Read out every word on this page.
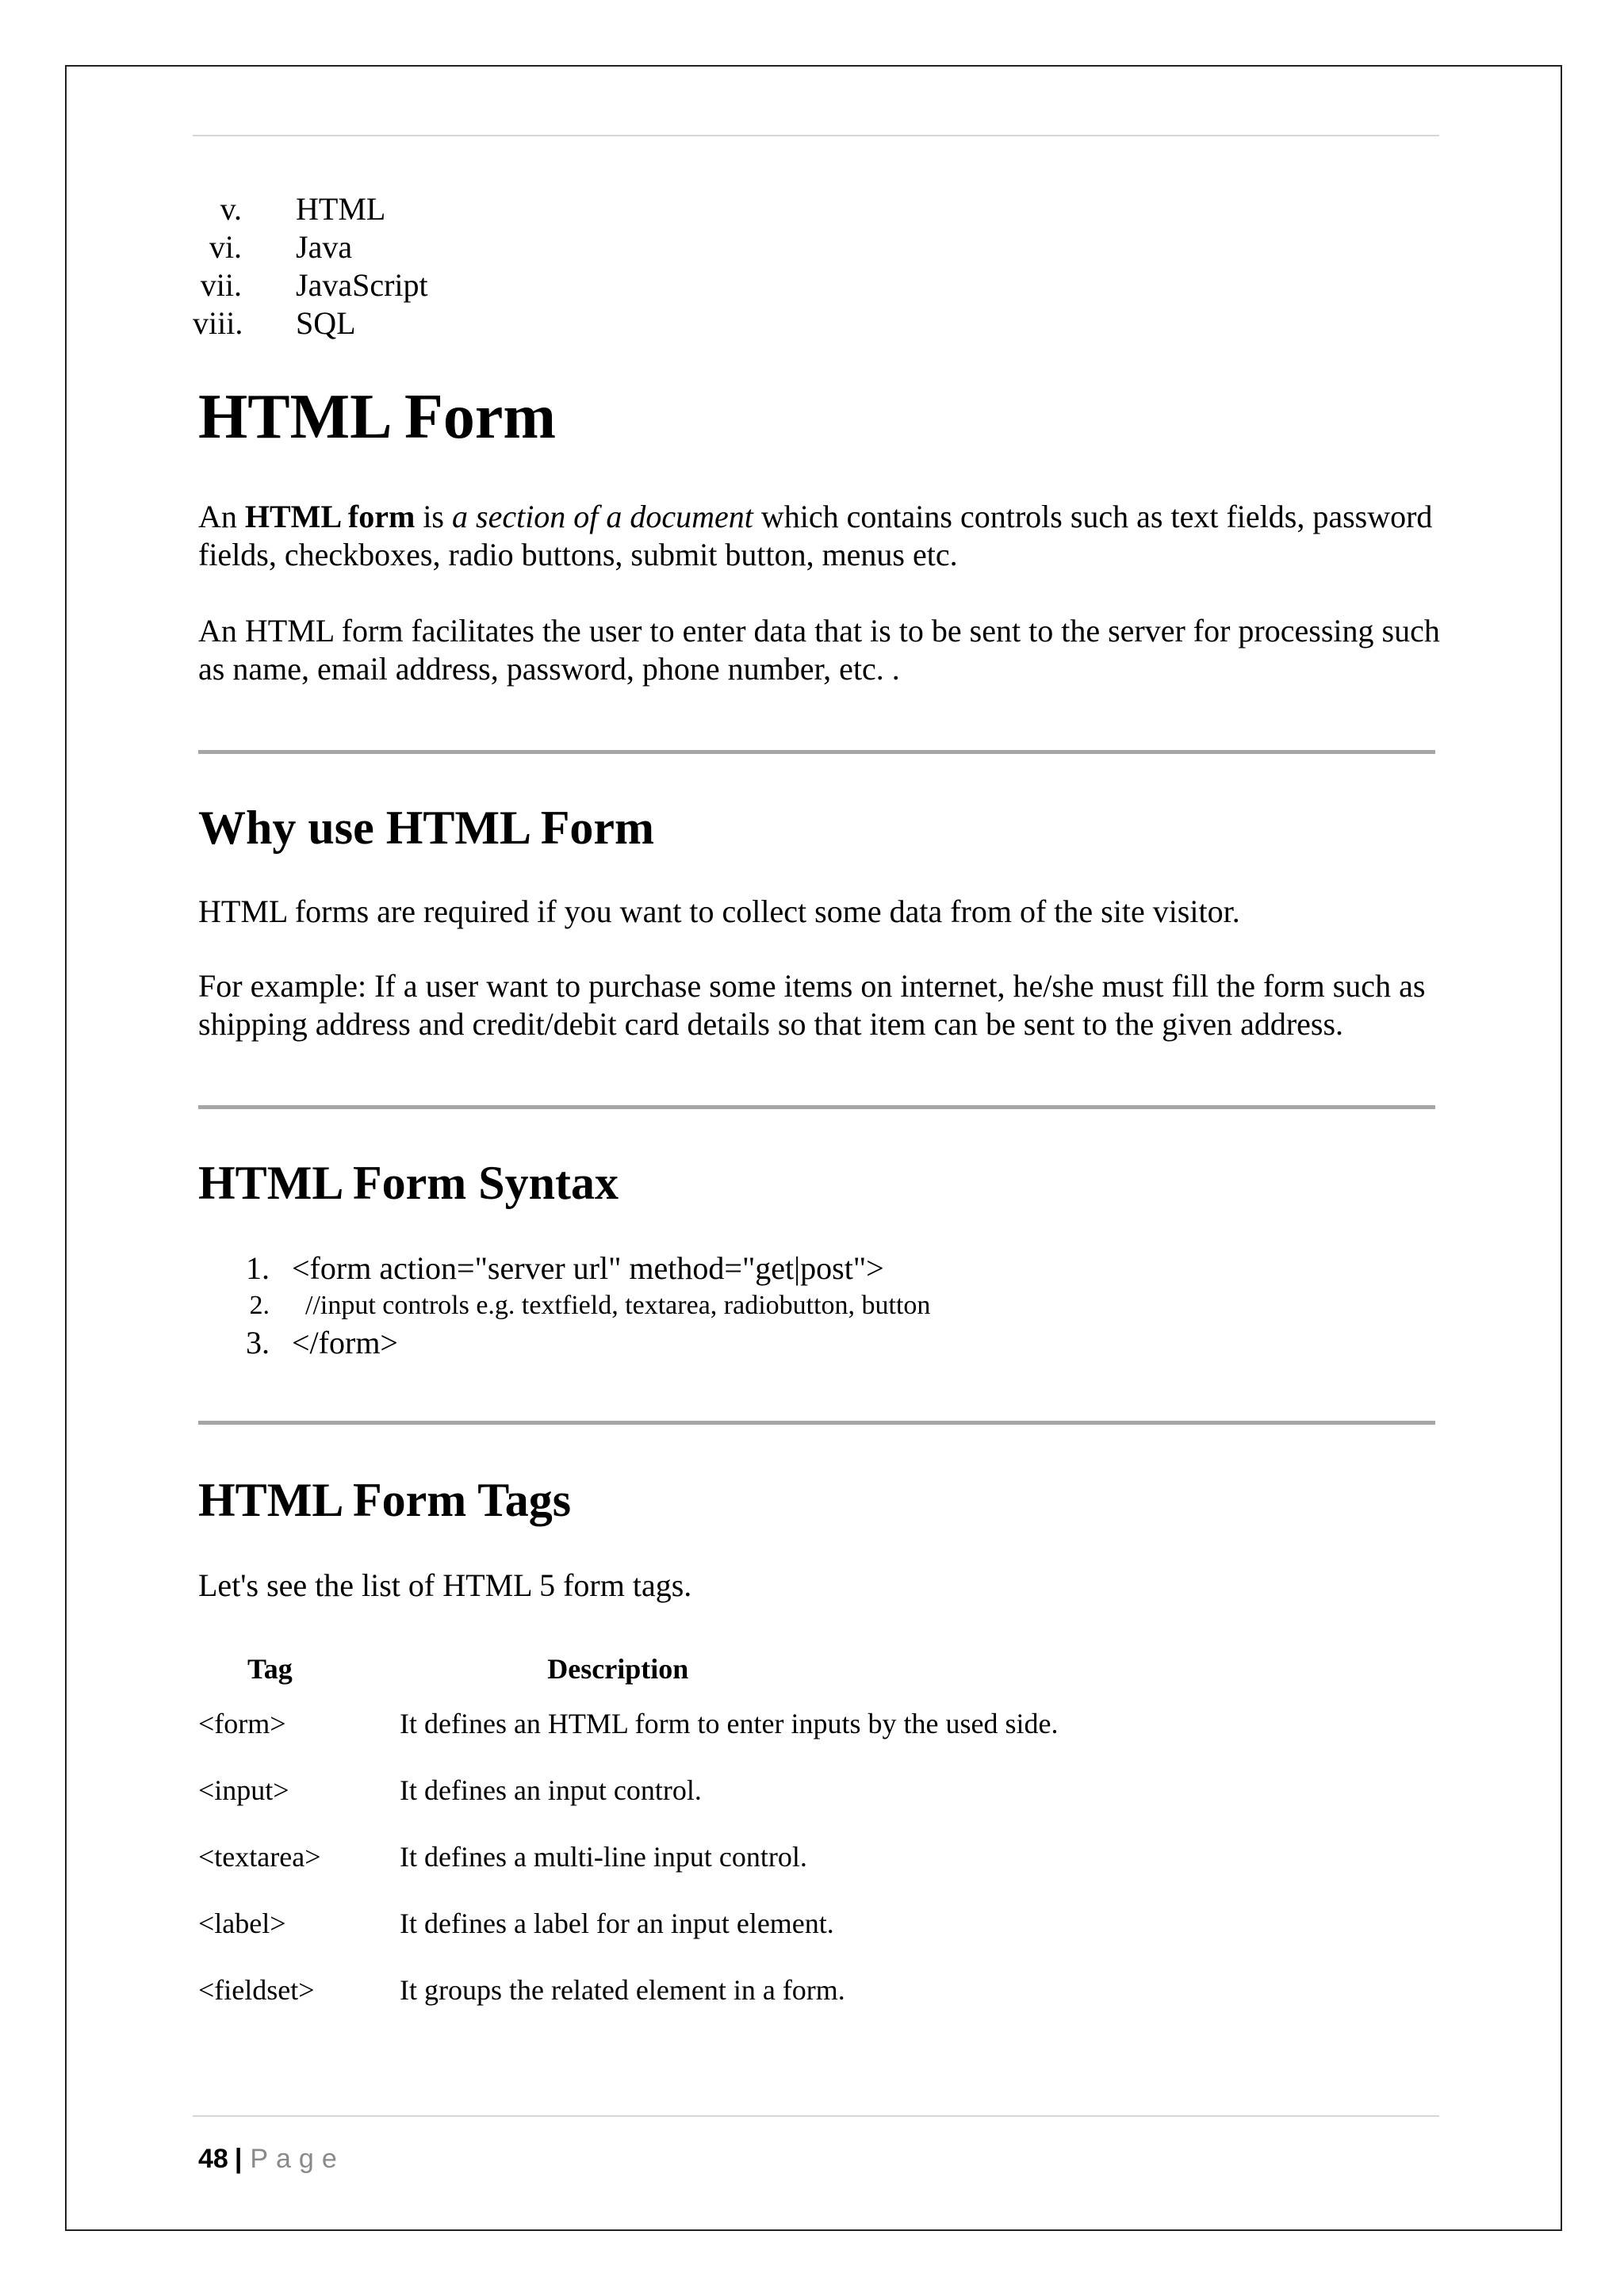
v. HTML
vi. Java
vii. JavaScript
viii. SQL
HTML Form

An HTML form is a section of a document which contains controls such as text fields, password fields, checkboxes, radio buttons, submit button, menus etc.

An HTML form facilitates the user to enter data that is to be sent to the server for processing such as name, email address, password, phone number, etc. .

Why use HTML Form

HTML forms are required if you want to collect some data from of the site visitor.

For example: If a user want to purchase some items on internet, he/she must fill the form such as shipping address and credit/debit card details so that item can be sent to the given address.

HTML Form Syntax
1. <form action="server url" method="get|post">
2. //input controls e.g. textfield, textarea, radiobutton, button
3. </form>
HTML Form Tags

Let's see the list of HTML 5 form tags.

Tag	Description
<form>	It defines an HTML form to enter inputs by the used side.
<input>	It defines an input control.
<textarea>	It defines a multi-line input control.
<label>	It defines a label for an input element.
<fieldset>	It groups the related element in a form.
48 | Page
